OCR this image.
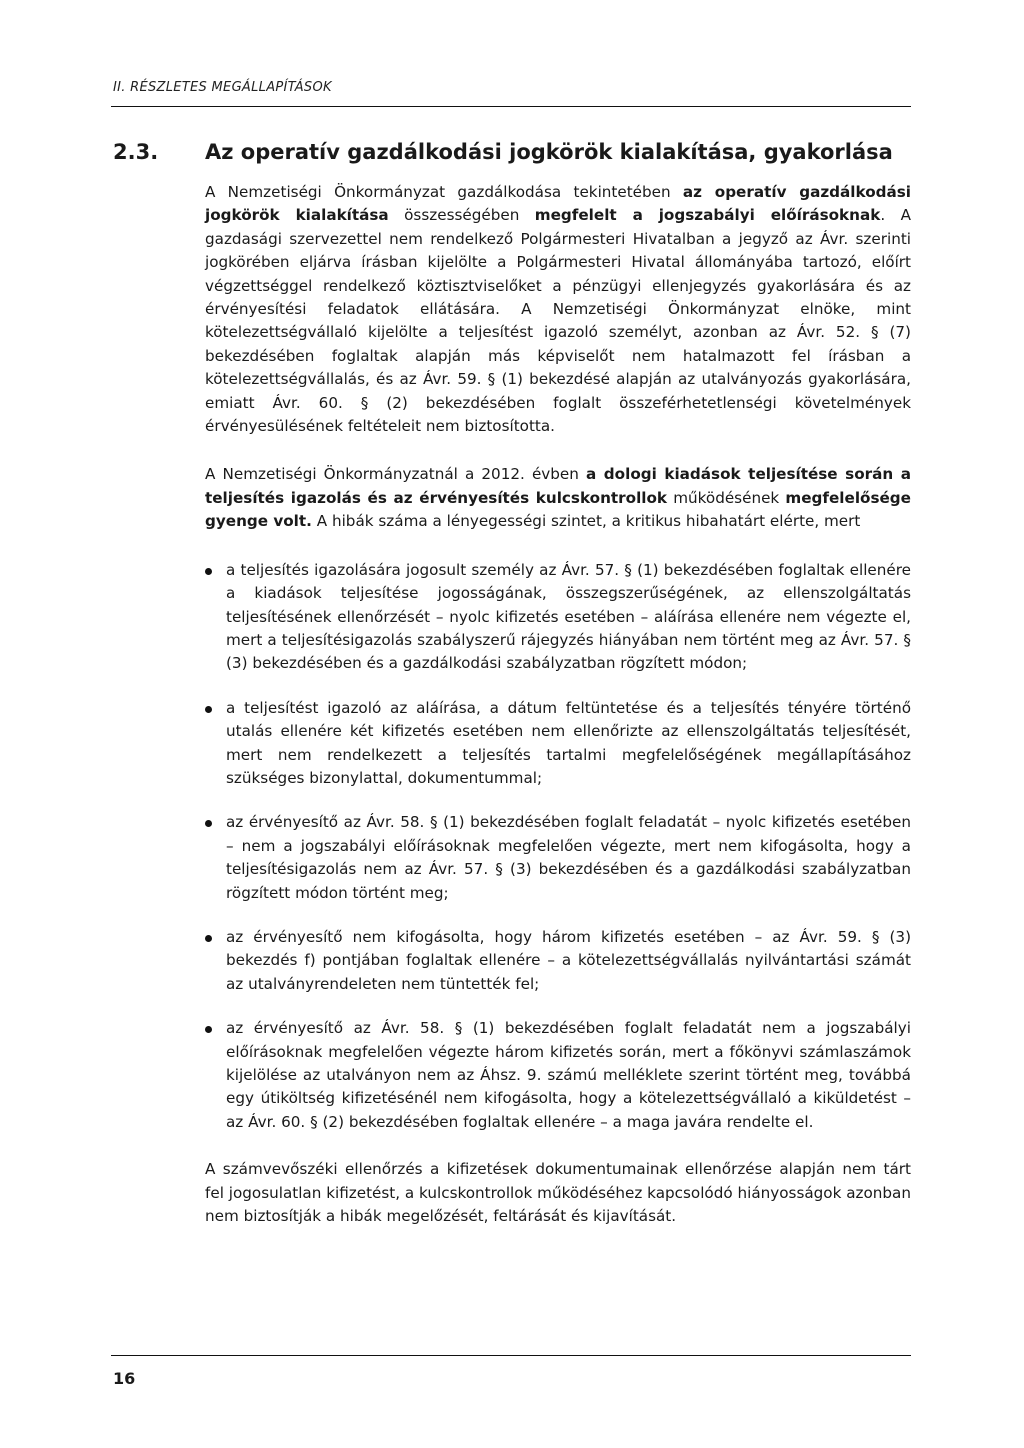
II. RÉSZLETES MEGÁLLAPÍTÁSOK
2.3. Az operatív gazdálkodási jogkörök kialakítása, gyakorlása

A Nemzetiségi Önkormányzat gazdálkodása tekintetében az operatív gazdálkodási jogkörök kialakítása összességében megfelelt a jogszabályi előírásoknak. A gazdasági szervezettel nem rendelkező Polgármesteri Hivatalban a jegyző az Ávr. szerinti jogkörében eljárva írásban kijelölte a Polgármesteri Hivatal állományába tartozó, előírt végzettséggel rendelkező köztisztviselőket a pénzügyi ellenjegyzés gyakorlására és az érvényesítési feladatok ellátására. A Nemzetiségi Önkormányzat elnöke, mint kötelezettségvállaló kijelölte a teljesítést igazoló személyt, azonban az Ávr. 52. § (7) bekezdésében foglaltak alapján más képviselőt nem hatalmazott fel írásban a kötelezettségvállalás, és az Ávr. 59. § (1) bekezdésé alapján az utalványozás gyakorlására, emiatt Ávr. 60. § (2) bekezdésében foglalt összeférhetetlenségi követelmények érvényesülésének feltételeit nem biztosította.

A Nemzetiségi Önkormányzatnál a 2012. évben a dologi kiadások teljesítése során a teljesítés igazolás és az érvényesítés kulcskontrollok működésének megfelelősége gyenge volt. A hibák száma a lényegességi szintet, a kritikus hibahatárt elérte, mert

a teljesítés igazolására jogosult személy az Ávr. 57. § (1) bekezdésében foglaltak ellenére a kiadások teljesítése jogosságának, összegszerűségének, az ellenszolgáltatás teljesítésének ellenőrzését – nyolc kifizetés esetében – aláírása ellenére nem végezte el, mert a teljesítésigazolás szabályszerű rájegyzés hiányában nem történt meg az Ávr. 57. § (3) bekezdésében és a gazdálkodási szabályzatban rögzített módon;
a teljesítést igazoló az aláírása, a dátum feltüntetése és a teljesítés tényére történő utalás ellenére két kifizetés esetében nem ellenőrizte az ellenszolgáltatás teljesítését, mert nem rendelkezett a teljesítés tartalmi megfelelőségének megállapításához szükséges bizonylattal, dokumentummal;
az érvényesítő az Ávr. 58. § (1) bekezdésében foglalt feladatát – nyolc kifizetés esetében – nem a jogszabályi előírásoknak megfelelően végezte, mert nem kifogásolta, hogy a teljesítésigazolás nem az Ávr. 57. § (3) bekezdésében és a gazdálkodási szabályzatban rögzített módon történt meg;
az érvényesítő nem kifogásolta, hogy három kifizetés esetében – az Ávr. 59. § (3) bekezdés f) pontjában foglaltak ellenére – a kötelezettségvállalás nyilvántartási számát az utalványrendeleten nem tüntették fel;
az érvényesítő az Ávr. 58. § (1) bekezdésében foglalt feladatát nem a jogszabályi előírásoknak megfelelően végezte három kifizetés során, mert a főkönyvi számlaszámok kijelölése az utalványon nem az Áhsz. 9. számú melléklete szerint történt meg, továbbá egy útiköltség kifizetésénél nem kifogásolta, hogy a kötelezettségvállaló a kiküldetést – az Ávr. 60. § (2) bekezdésében foglaltak ellenére – a maga javára rendelte el.

A számvevőszéki ellenőrzés a kifizetések dokumentumainak ellenőrzése alapján nem tárt fel jogosulatlan kifizetést, a kulcskontrollok működéséhez kapcsolódó hiányosságok azonban nem biztosítják a hibák megelőzését, feltárását és kijavítását.

16
